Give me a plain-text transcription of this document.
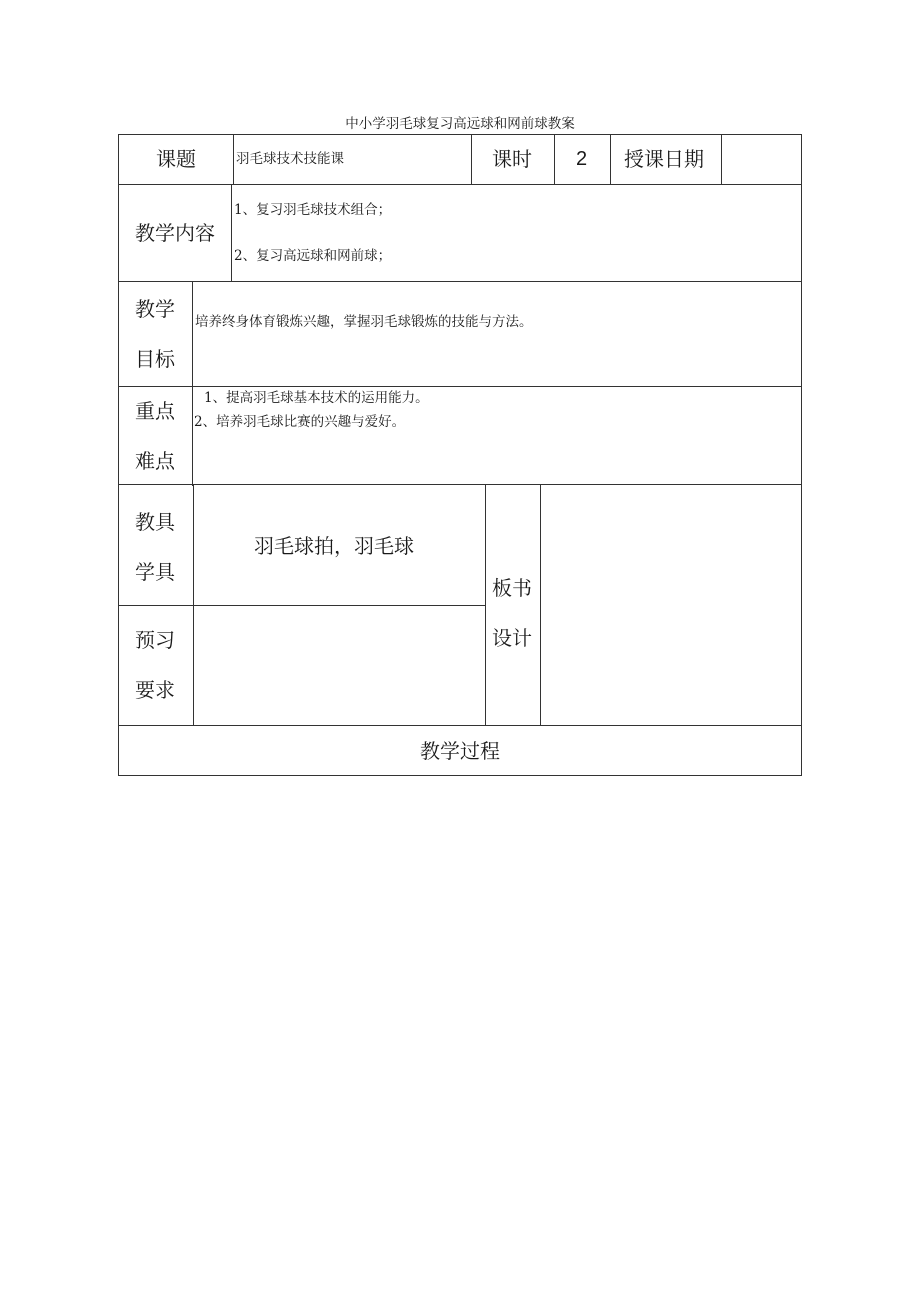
中小学羽毛球复习高远球和网前球教案
课题	羽毛球技术技能课	课时 2 授课日期
教学内容
1、复习羽毛球技术组合；
2、复习高远球和网前球；
教学
目标
培养终身体育锻炼兴趣，掌握羽毛球锻炼的技能与方法。
重点
难点
1、提高羽毛球基本技术的运用能力。
2、培养羽毛球比赛的兴趣与爱好。
教具
学具
羽毛球拍，羽毛球
预习
要求
板书
设计
教学过程
